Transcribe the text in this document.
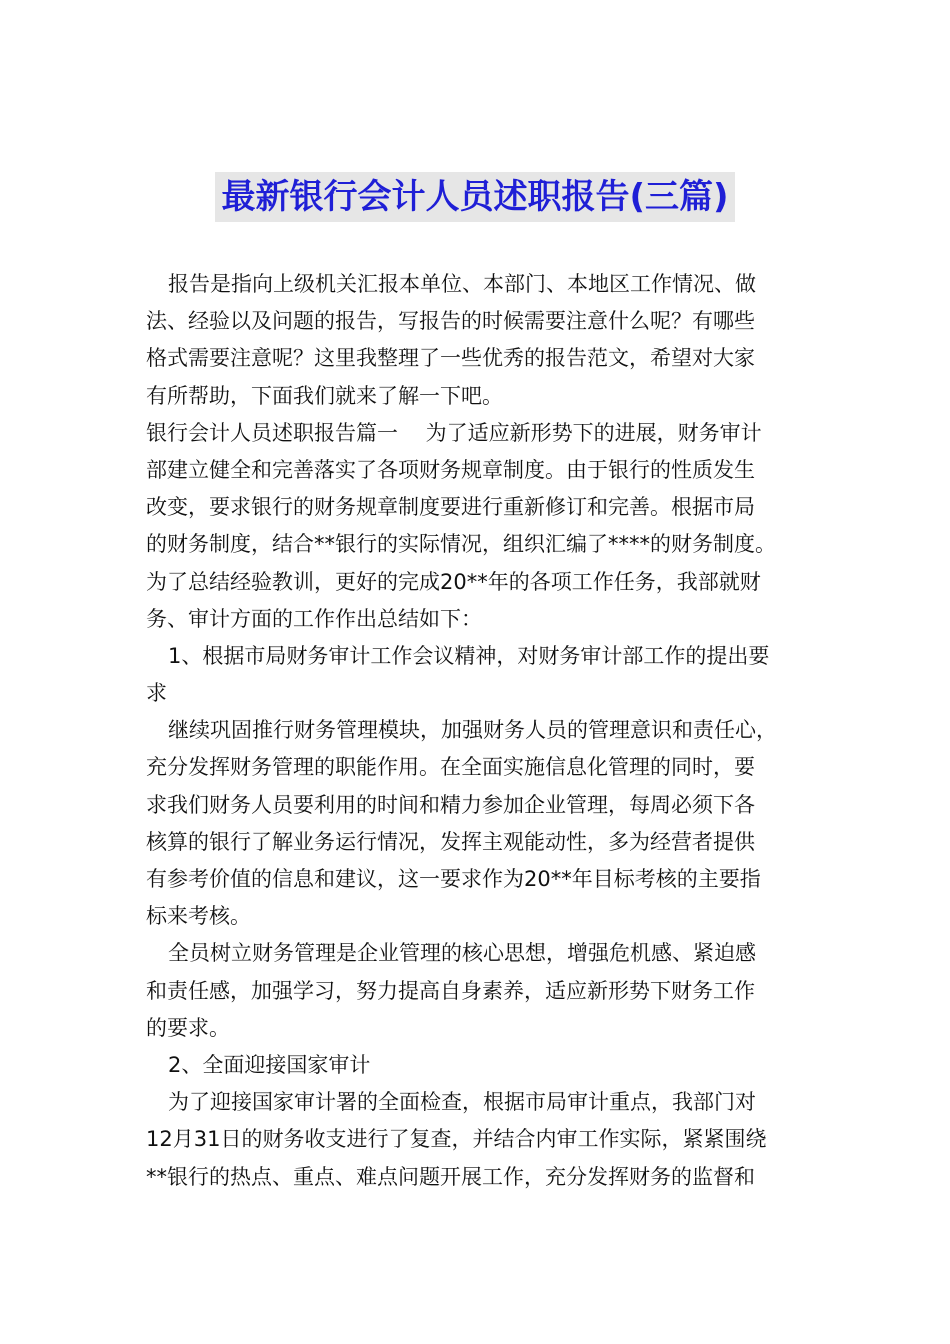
最新银行会计人员述职报告(三篇)
报告是指向上级机关汇报本单位、本部门、本地区工作情况、做
法、经验以及问题的报告，写报告的时候需要注意什么呢？有哪些
格式需要注意呢？这里我整理了一些优秀的报告范文，希望对大家
有所帮助，下面我们就来了解一下吧。
银行会计人员述职报告篇一　 为了适应新形势下的进展，财务审计
部建立健全和完善落实了各项财务规章制度。由于银行的性质发生
改变，要求银行的财务规章制度要进行重新修订和完善。根据市局
的财务制度，结合**银行的实际情况，组织汇编了****的财务制度。
为了总结经验教训，更好的完成20**年的各项工作任务，我部就财
务、审计方面的工作作出总结如下：
1、根据市局财务审计工作会议精神，对财务审计部工作的提出要
求
继续巩固推行财务管理模块，加强财务人员的管理意识和责任心，
充分发挥财务管理的职能作用。在全面实施信息化管理的同时，要
求我们财务人员要利用的时间和精力参加企业管理，每周必须下各
核算的银行了解业务运行情况，发挥主观能动性，多为经营者提供
有参考价值的信息和建议，这一要求作为20**年目标考核的主要指
标来考核。
全员树立财务管理是企业管理的核心思想，增强危机感、紧迫感
和责任感，加强学习，努力提高自身素养，适应新形势下财务工作
的要求。
2、全面迎接国家审计
为了迎接国家审计署的全面检查，根据市局审计重点，我部门对
12月31日的财务收支进行了复查，并结合内审工作实际，紧紧围绕
**银行的热点、重点、难点问题开展工作，充分发挥财务的监督和
